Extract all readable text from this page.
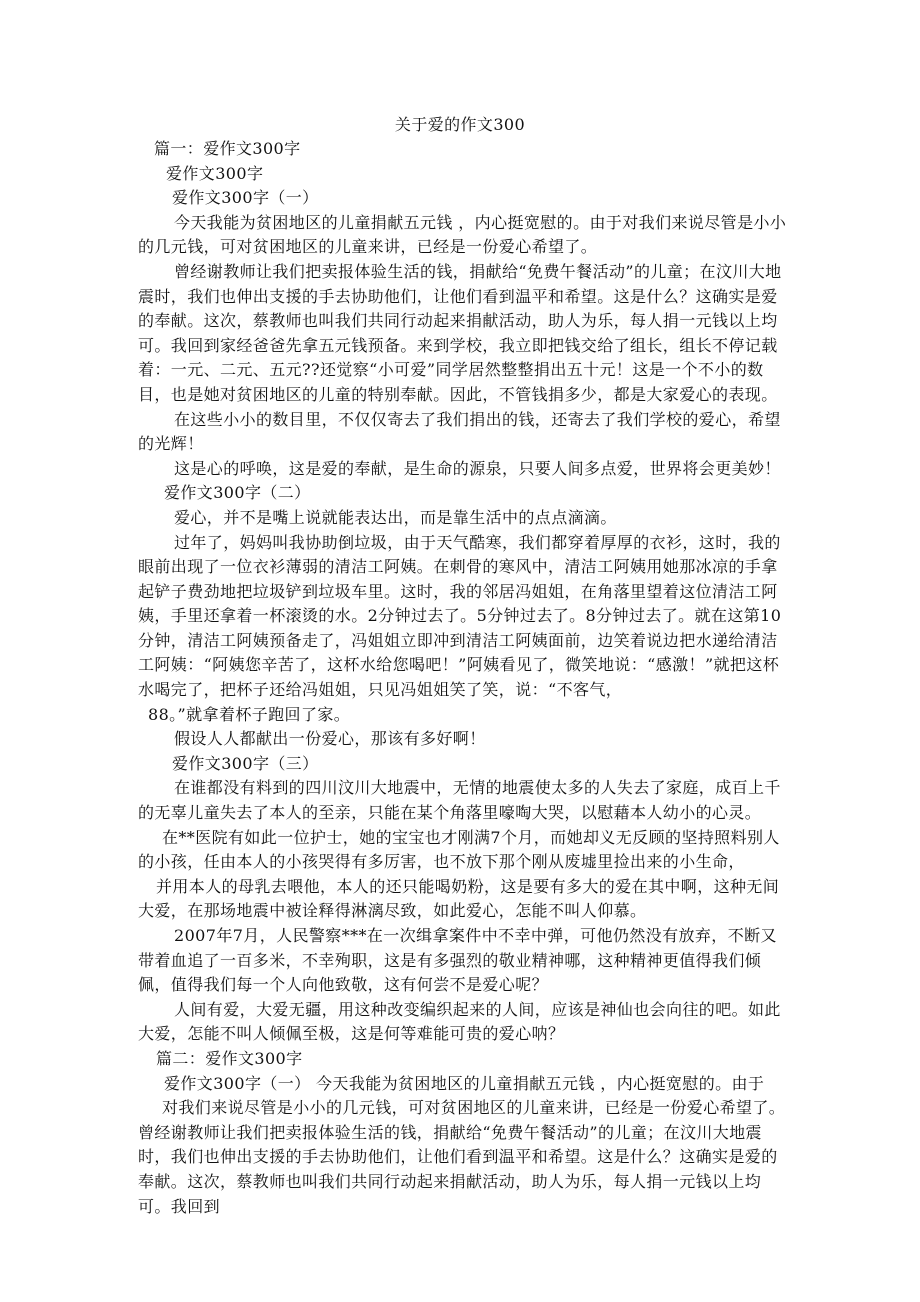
关于爱的作文300

篇一：爱作文300字

爱作文300字

爱作文300字（一）

今天我能为贫困地区的儿童捐献五元钱 ，内心挺宽慰的。由于对我们来说尽管是小小的几元钱，可对贫困地区的儿童来讲，已经是一份爱心希望了。

曾经谢教师让我们把卖报体验生活的钱，捐献给“免费午餐活动”的儿童；在汶川大地震时，我们也伸出支援的手去协助他们，让他们看到温平和希望。这是什么？这确实是爱的奉献。这次，蔡教师也叫我们共同行动起来捐献活动，助人为乐，每人捐一元钱以上均可。我回到家经爸爸先拿五元钱预备。来到学校，我立即把钱交给了组长，组长不停记载着：一元、二元、五元??还觉察“小可爱”同学居然整整捐出五十元！这是一个不小的数目，也是她对贫困地区的儿童的特别奉献。因此，不管钱捐多少，都是大家爱心的表现。

在这些小小的数目里，不仅仅寄去了我们捐出的钱，还寄去了我们学校的爱心，希望的光辉！

这是心的呼唤，这是爱的奉献，是生命的源泉，只要人间多点爱，世界将会更美妙！

爱作文300字（二）

爱心，并不是嘴上说就能表达出，而是靠生活中的点点滴滴。

过年了，妈妈叫我协助倒垃圾，由于天气酷寒，我们都穿着厚厚的衣衫，这时，我的眼前出现了一位衣衫薄弱的清洁工阿姨。在刺骨的寒风中，清洁工阿姨用她那冰凉的手拿起铲子费劲地把垃圾铲到垃圾车里。这时，我的邻居冯姐姐，在角落里望着这位清洁工阿姨，手里还拿着一杯滚烫的水。2分钟过去了。5分钟过去了。8分钟过去了。就在这第10分钟，清洁工阿姨预备走了，冯姐姐立即冲到清洁工阿姨面前，边笑着说边把水递给清洁工阿姨：“阿姨您辛苦了，这杯水给您喝吧！”阿姨看见了，微笑地说：“感激！”就把这杯水喝完了，把杯子还给冯姐姐，只见冯姐姐笑了笑，说：“不客气，

88。”就拿着杯子跑回了家。

假设人人都献出一份爱心，那该有多好啊！

爱作文300字（三）

在谁都没有料到的四川汶川大地震中，无情的地震使太多的人失去了家庭，成百上千的无辜儿童失去了本人的至亲，只能在某个角落里嚎啕大哭，以慰藉本人幼小的心灵。

在**医院有如此一位护士，她的宝宝也才刚满7个月，而她却义无反顾的坚持照料别人的小孩，任由本人的小孩哭得有多厉害，也不放下那个刚从废墟里捡出来的小生命，

并用本人的母乳去喂他，本人的还只能喝奶粉，这是要有多大的爱在其中啊，这种无间大爱，在那场地震中被诠释得淋漓尽致，如此爱心，怎能不叫人仰慕。

2007年7月，人民警察***在一次缉拿案件中不幸中弹，可他仍然没有放弃，不断又带着血追了一百多米，不幸殉职，这是有多强烈的敬业精神哪，这种精神更值得我们倾佩，值得我们每一个人向他致敬，这有何尝不是爱心呢？

人间有爱，大爱无疆，用这种改变编织起来的人间，应该是神仙也会向往的吧。如此大爱，怎能不叫人倾佩至极，这是何等难能可贵的爱心呐？

篇二：爱作文300字

爱作文300字（一） 今天我能为贫困地区的儿童捐献五元钱 ，内心挺宽慰的。由于

对我们来说尽管是小小的几元钱，可对贫困地区的儿童来讲，已经是一份爱心希望了。

曾经谢教师让我们把卖报体验生活的钱，捐献给“免费午餐活动”的儿童；在汶川大地震时，我们也伸出支援的手去协助他们，让他们看到温平和希望。这是什么？这确实是爱的奉献。这次，蔡教师也叫我们共同行动起来捐献活动，助人为乐，每人捐一元钱以上均可。我回到
